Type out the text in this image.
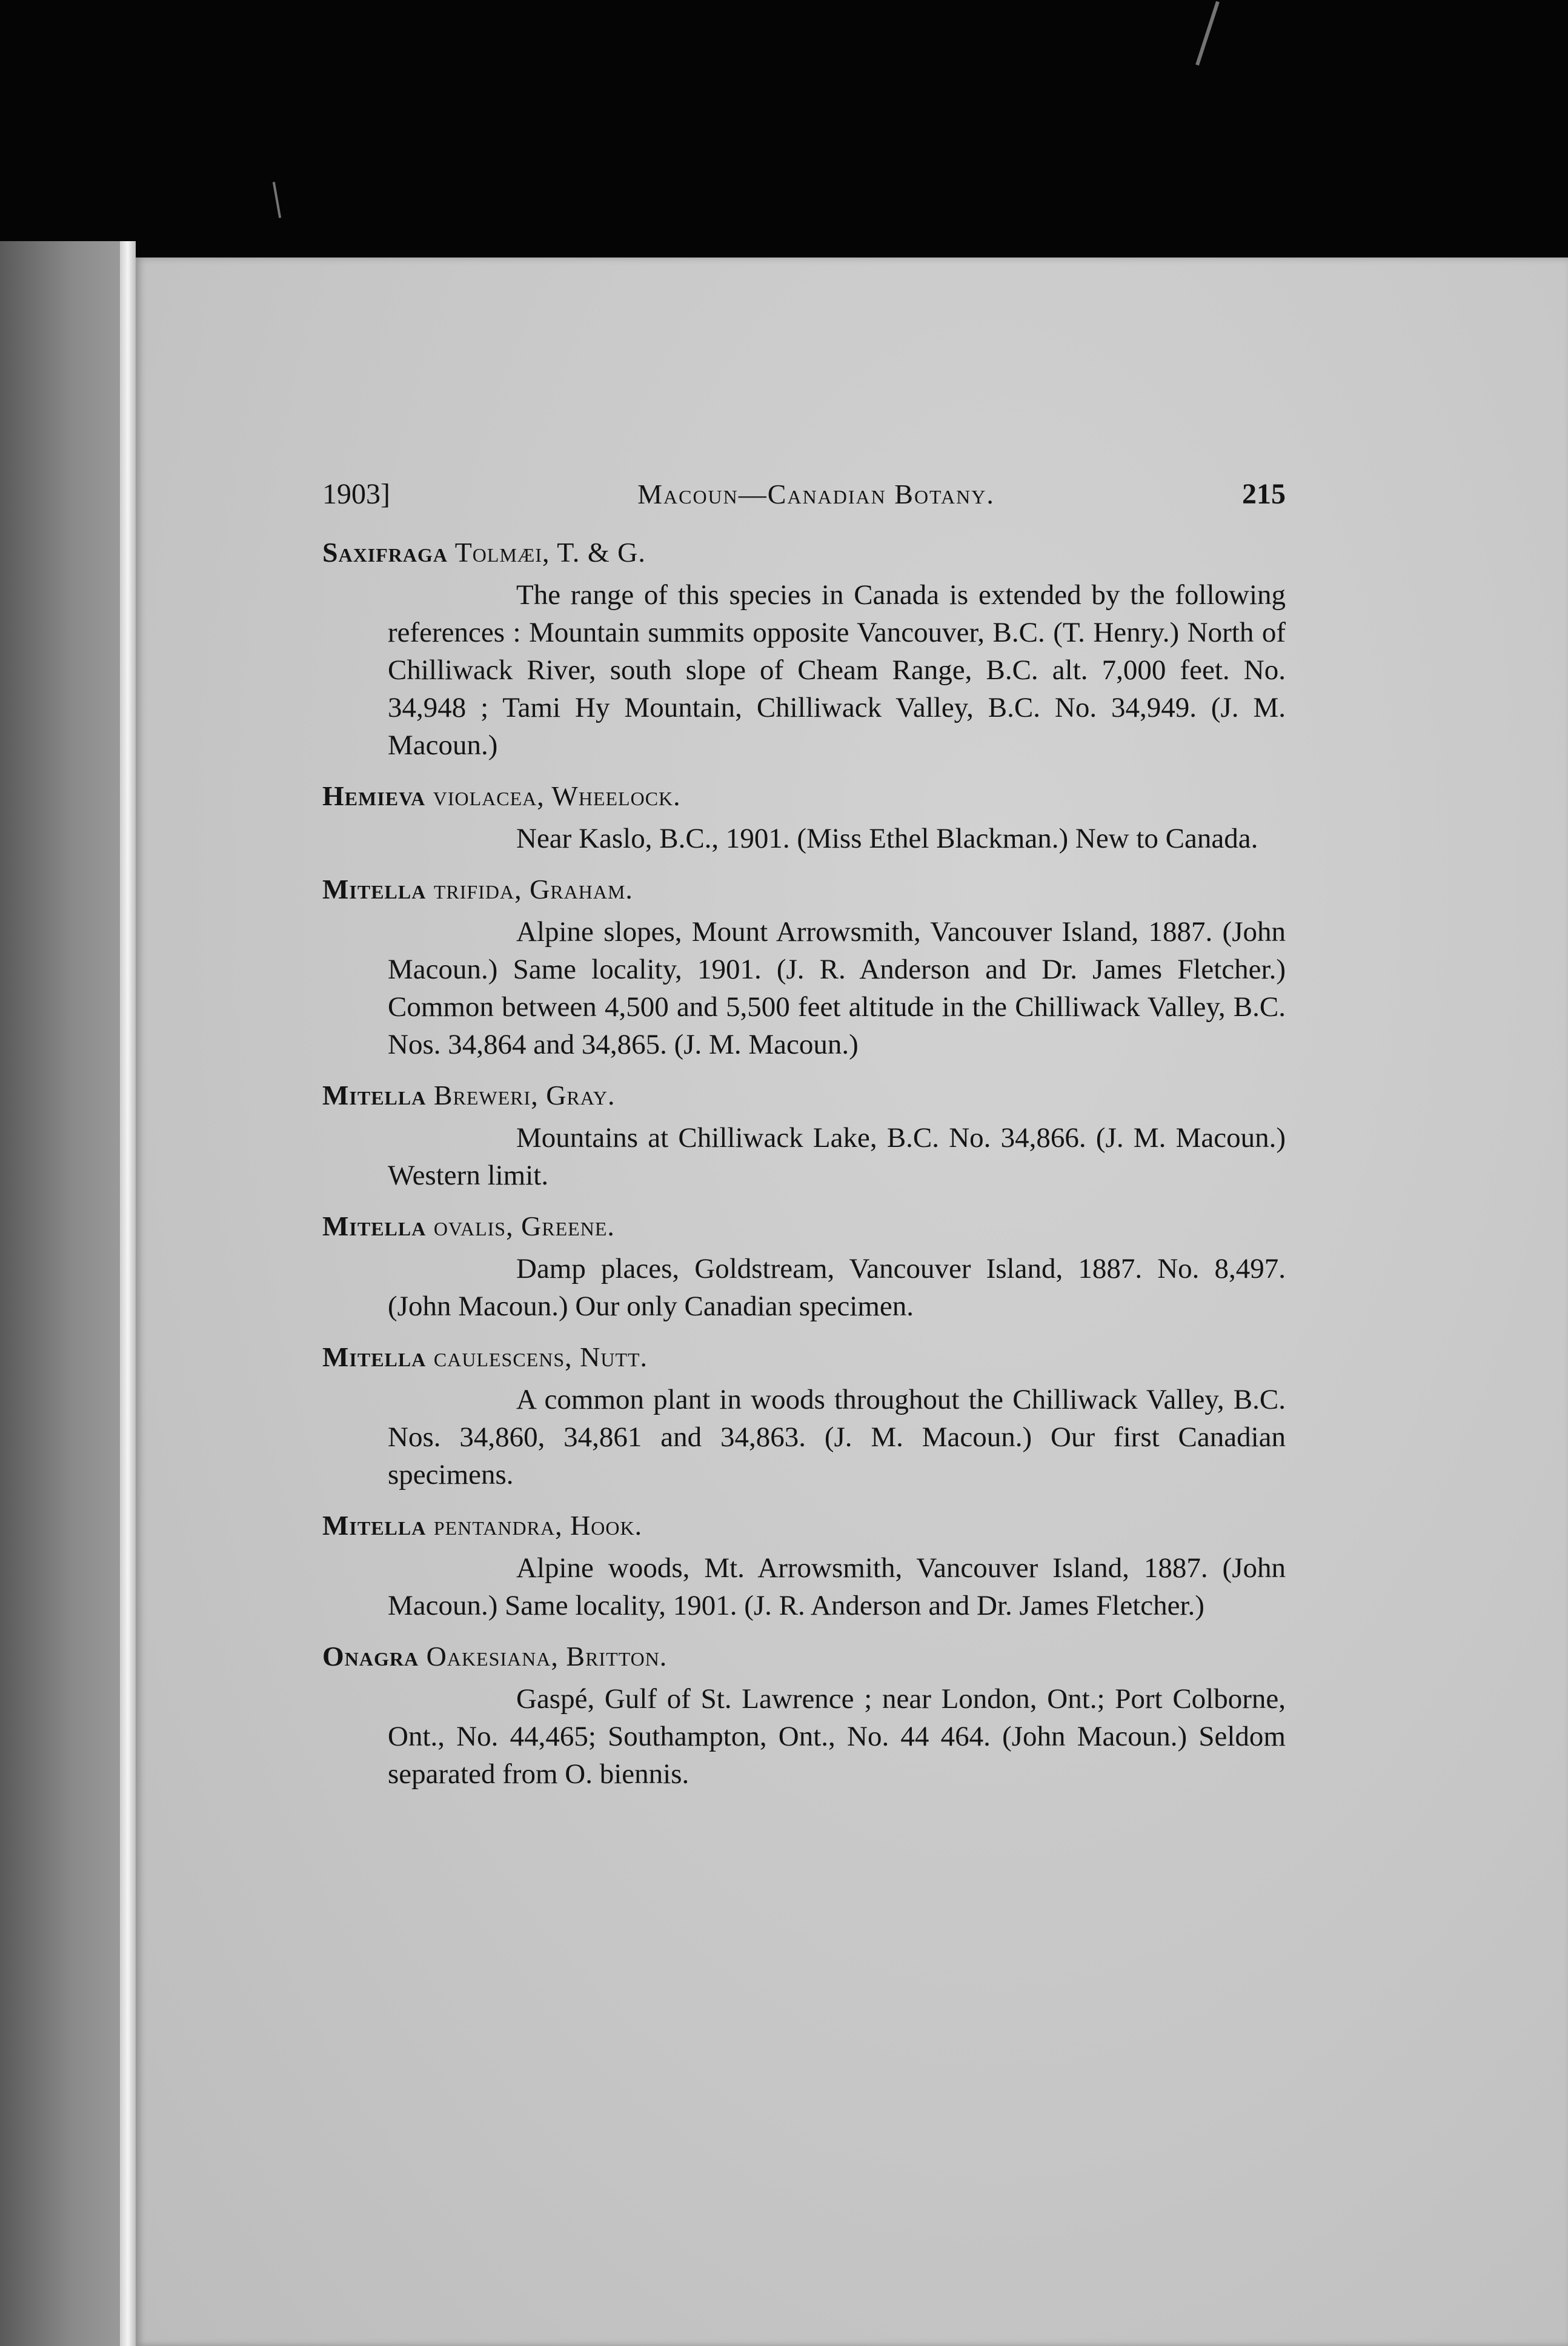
1903]	Macoun—Canadian Botany.	215
Saxifraga Tolmæi, T. & G.
The range of this species in Canada is extended by the following references : Mountain summits opposite Vancouver, B.C. (T. Henry.) North of Chilliwack River, south slope of Cheam Range, B.C. alt. 7,000 feet. No. 34,948 ; Tami Hy Mountain, Chilliwack Valley, B.C. No. 34,949. (J. M. Macoun.)
Hemieva violacea, Wheelock.
Near Kaslo, B.C., 1901. (Miss Ethel Blackman.) New to Canada.
Mitella trifida, Graham.
Alpine slopes, Mount Arrowsmith, Vancouver Island, 1887. (John Macoun.) Same locality, 1901. (J. R. Anderson and Dr. James Fletcher.) Common between 4,500 and 5,500 feet altitude in the Chilliwack Valley, B.C. Nos. 34,864 and 34,865. (J. M. Macoun.)
Mitella Breweri, Gray.
Mountains at Chilliwack Lake, B.C. No. 34,866. (J. M. Macoun.) Western limit.
Mitella ovalis, Greene.
Damp places, Goldstream, Vancouver Island, 1887. No. 8,497. (John Macoun.) Our only Canadian specimen.
Mitella caulescens, Nutt.
A common plant in woods throughout the Chilliwack Valley, B.C. Nos. 34,860, 34,861 and 34,863. (J. M. Macoun.) Our first Canadian specimens.
Mitella pentandra, Hook.
Alpine woods, Mt. Arrowsmith, Vancouver Island, 1887. (John Macoun.) Same locality, 1901. (J. R. Anderson and Dr. James Fletcher.)
Onagra Oakesiana, Britton.
Gaspé, Gulf of St. Lawrence ; near London, Ont.; Port Colborne, Ont., No. 44,465; Southampton, Ont., No. 44 464. (John Macoun.) Seldom separated from O. biennis.
